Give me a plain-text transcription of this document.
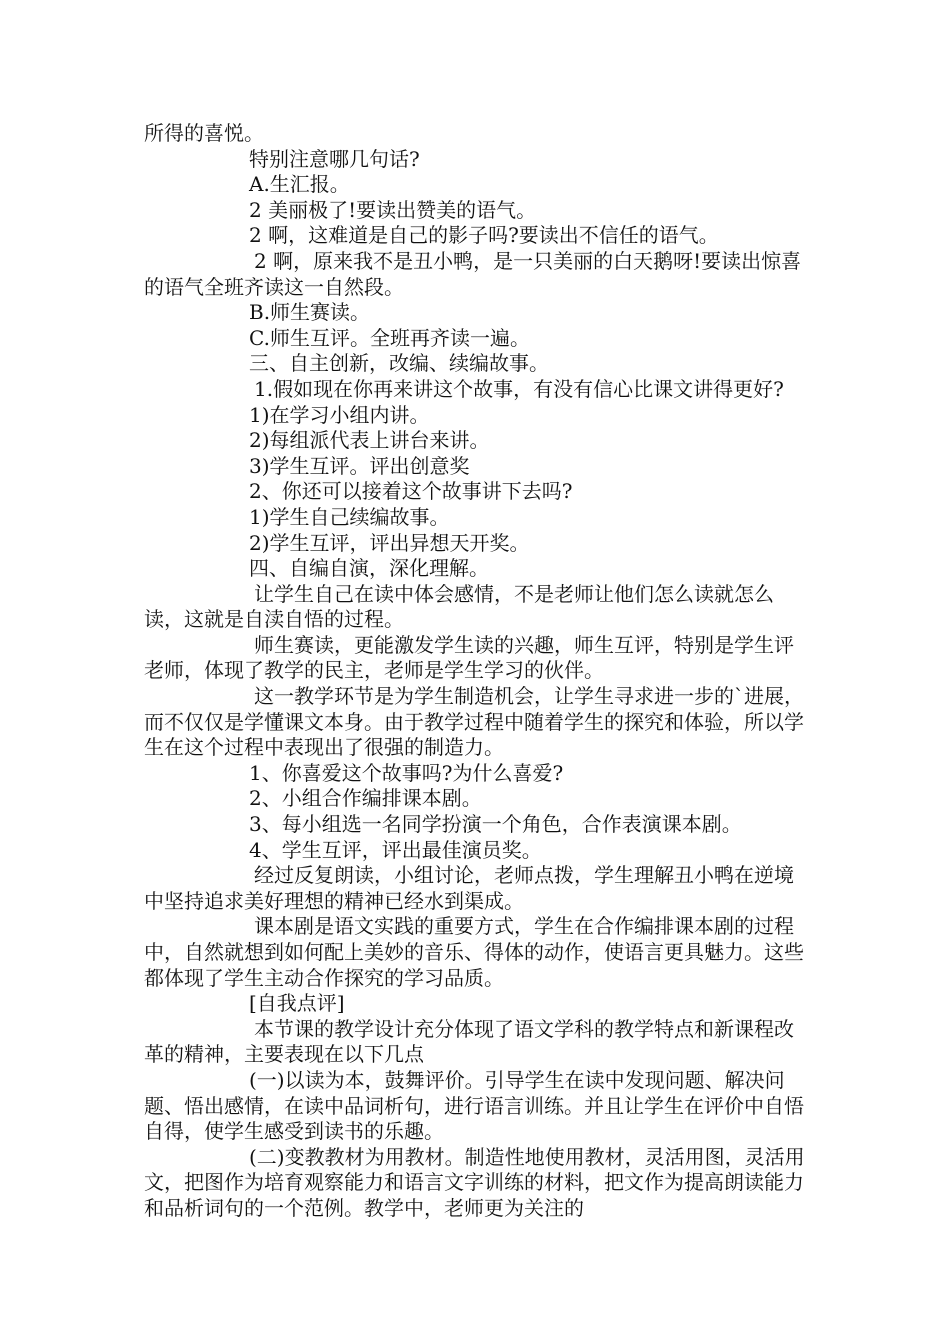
所得的喜悦。

特别注意哪几句话?

A.生汇报。

2 美丽极了!要读出赞美的语气。

2 啊，这难道是自己的影子吗?要读出不信任的语气。

2 啊，原来我不是丑小鸭，是一只美丽的白天鹅呀!要读出惊喜的语气全班齐读这一自然段。

B.师生赛读。

C.师生互评。全班再齐读一遍。

三、自主创新，改编、续编故事。

1.假如现在你再来讲这个故事，有没有信心比课文讲得更好?

1)在学习小组内讲。

2)每组派代表上讲台来讲。

3)学生互评。评出创意奖

2、你还可以接着这个故事讲下去吗?

1)学生自己续编故事。

2)学生互评，评出异想天开奖。

四、自编自演，深化理解。

让学生自己在读中体会感情，不是老师让他们怎么读就怎么读，这就是自渎自悟的过程。

师生赛读，更能激发学生读的兴趣，师生互评，特别是学生评老师，体现了教学的民主，老师是学生学习的伙伴。

这一教学环节是为学生制造机会，让学生寻求进一步的`进展，而不仅仅是学懂课文本身。由于教学过程中随着学生的探究和体验，所以学生在这个过程中表现出了很强的制造力。

1、你喜爱这个故事吗?为什么喜爱?

2、小组合作编排课本剧。

3、每小组选一名同学扮演一个角色，合作表演课本剧。

4、学生互评，评出最佳演员奖。

经过反复朗读，小组讨论，老师点拨，学生理解丑小鸭在逆境中坚持追求美好理想的精神已经水到渠成。

课本剧是语文实践的重要方式，学生在合作编排课本剧的过程中，自然就想到如何配上美妙的音乐、得体的动作，使语言更具魅力。这些都体现了学生主动合作探究的学习品质。

[自我点评]

本节课的教学设计充分体现了语文学科的教学特点和新课程改革的精神，主要表现在以下几点

(一)以读为本，鼓舞评价。引导学生在读中发现问题、解决问题、悟出感情，在读中品词析句，进行语言训练。并且让学生在评价中自悟自得，使学生感受到读书的乐趣。

(二)变教教材为用教材。制造性地使用教材，灵活用图，灵活用文，把图作为培育观察能力和语言文字训练的材料，把文作为提高朗读能力和品析词句的一个范例。教学中，老师更为关注的
